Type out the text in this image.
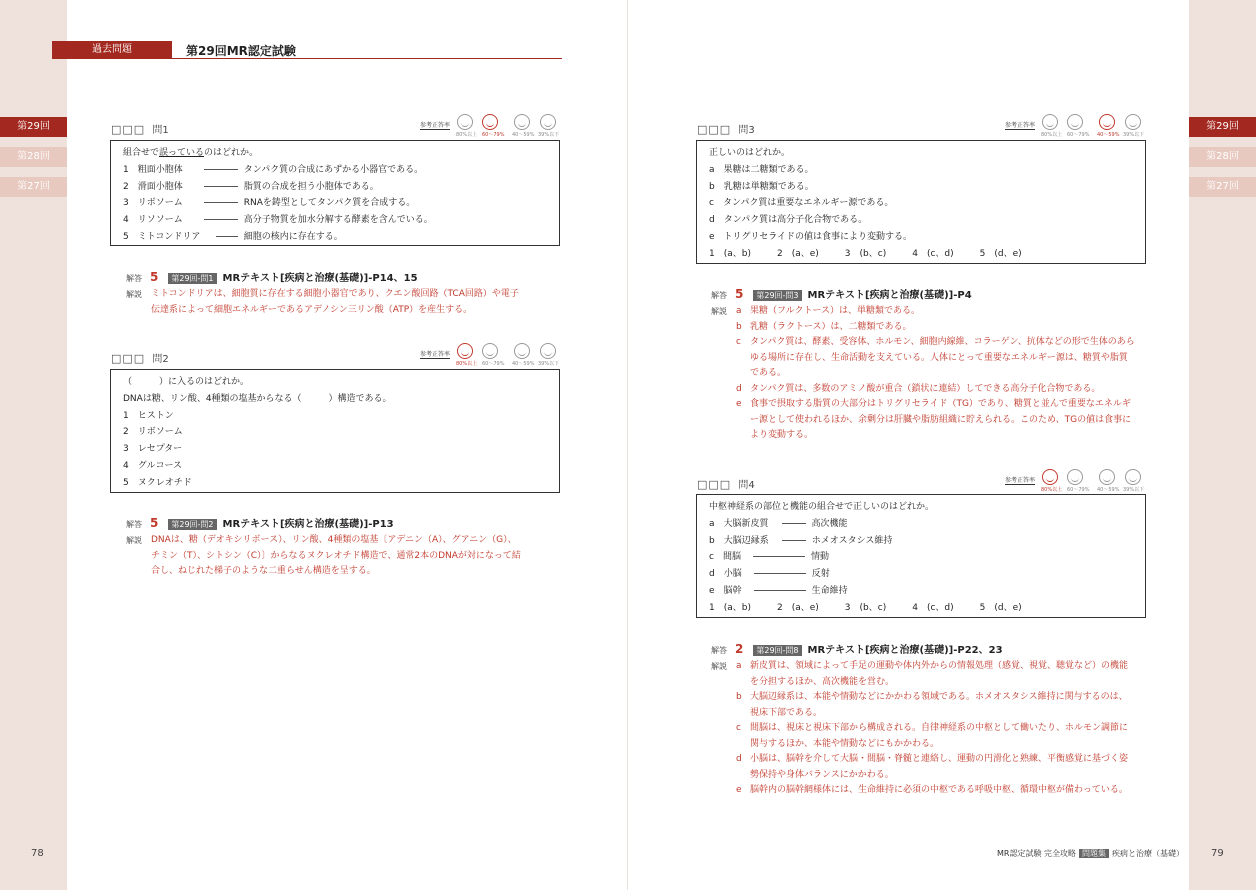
過去問題	第29回MR認定試験
第29回
第28回
第27回
第29回
第28回
第27回
□□□ 問1	参考正答率
80%以上 60〜79% 40〜59% 39%以下
組合せで誤っているのはどれか。
1　 粗面小胞体	タンパク質の合成にあずかる小器官である。
2　 滑面小胞体	脂質の合成を担う小胞体である。
3　 リボソーム	RNAを鋳型としてタンパク質を合成する。
4　 リソソーム	高分子物質を加水分解する酵素を含んでいる。
5　 ミトコンドリア	細胞の核内に存在する。
解答 5 第29回-問1 MRテキスト[疾病と治療(基礎)]-P14、15
解説 ミトコンドリアは、細胞質に存在する細胞小器官であり、クエン酸回路（TCA回路）や電子
伝達系によって細胞エネルギーであるアデノシン三リン酸（ATP）を産生する。
□□□ 問2	参考正答率
80%以上 60〜79% 40〜59% 39%以下
（　　　）に入るのはどれか。
DNAは糖、リン酸、4種類の塩基からなる（　　　）構造である。
1　ヒストン
2　リボソーム
3　レセプター
4　グルコース
5　ヌクレオチド
解答 5 第29回-問2 MRテキスト[疾病と治療(基礎)]-P13
解説 DNAは、糖（デオキシリボース）、リン酸、4種類の塩基〔アデニン（A）、グアニン（G）、
チミン（T）、シトシン（C）〕からなるヌクレオチド構造で、通常2本のDNAが対になって結
合し、ねじれた梯子のような二重らせん構造を呈する。
□□□ 問3	参考正答率
80%以上 60〜79% 40〜59% 39%以下
正しいのはどれか。
a　果糖は二糖類である。
b　乳糖は単糖類である。
c　タンパク質は重要なエネルギー源である。
d　タンパク質は高分子化合物である。
e　トリグリセライドの値は食事により変動する。
1　(a、b)	2　(a、e)	3　(b、c)	4　(c、d)	5　(d、e)
解答 5 第29回-問3 MRテキスト[疾病と治療(基礎)]-P4
解説 a 果糖（フルクトース）は、単糖類である。
b 乳糖（ラクトース）は、二糖類である。
c タンパク質は、酵素、受容体、ホルモン、細胞内線維、コラーゲン、抗体などの形で生体のあらゆる場所に存在し、生命活動を支えている。人体にとって重要なエネルギー源は、糖質や脂質である。
d タンパク質は、多数のアミノ酸が重合（鎖状に連結）してできる高分子化合物である。
e 食事で摂取する脂質の大部分はトリグリセライド（TG）であり、糖質と並んで重要なエネルギー源として使われるほか、余剰分は肝臓や脂肪組織に貯えられる。このため、TGの値は食事により変動する。
□□□ 問4	参考正答率
80%以上 60〜79% 40〜59% 39%以下
中枢神経系の部位と機能の組合せで正しいのはどれか。
a　 大脳新皮質	高次機能
b　 大脳辺縁系	ホメオスタシス維持
c　 間脳	情動
d　 小脳	反射
e　 脳幹	生命維持
1　(a、b)	2　(a、e)	3　(b、c)	4　(c、d)	5　(d、e)
解答 2 第29回-問8 MRテキスト[疾病と治療(基礎)]-P22、23
解説 a 新皮質は、領域によって手足の運動や体内外からの情報処理（感覚、視覚、聴覚など）の機能を分担するほか、高次機能を営む。
b 大脳辺縁系は、本能や情動などにかかわる領域である。ホメオスタシス維持に関与するのは、視床下部である。
c 間脳は、視床と視床下部から構成される。自律神経系の中枢として働いたり、ホルモン調節に関与するほか、本能や情動などにもかかわる。
d 小脳は、脳幹を介して大脳・間脳・脊髄と連絡し、運動の円滑化と熟練、平衡感覚に基づく姿勢保持や身体バランスにかかわる。
e 脳幹内の脳幹網様体には、生命維持に必須の中枢である呼吸中枢、循環中枢が備わっている。
78	MR認定試験 完全攻略 問題集 疾病と治療（基礎）	79
